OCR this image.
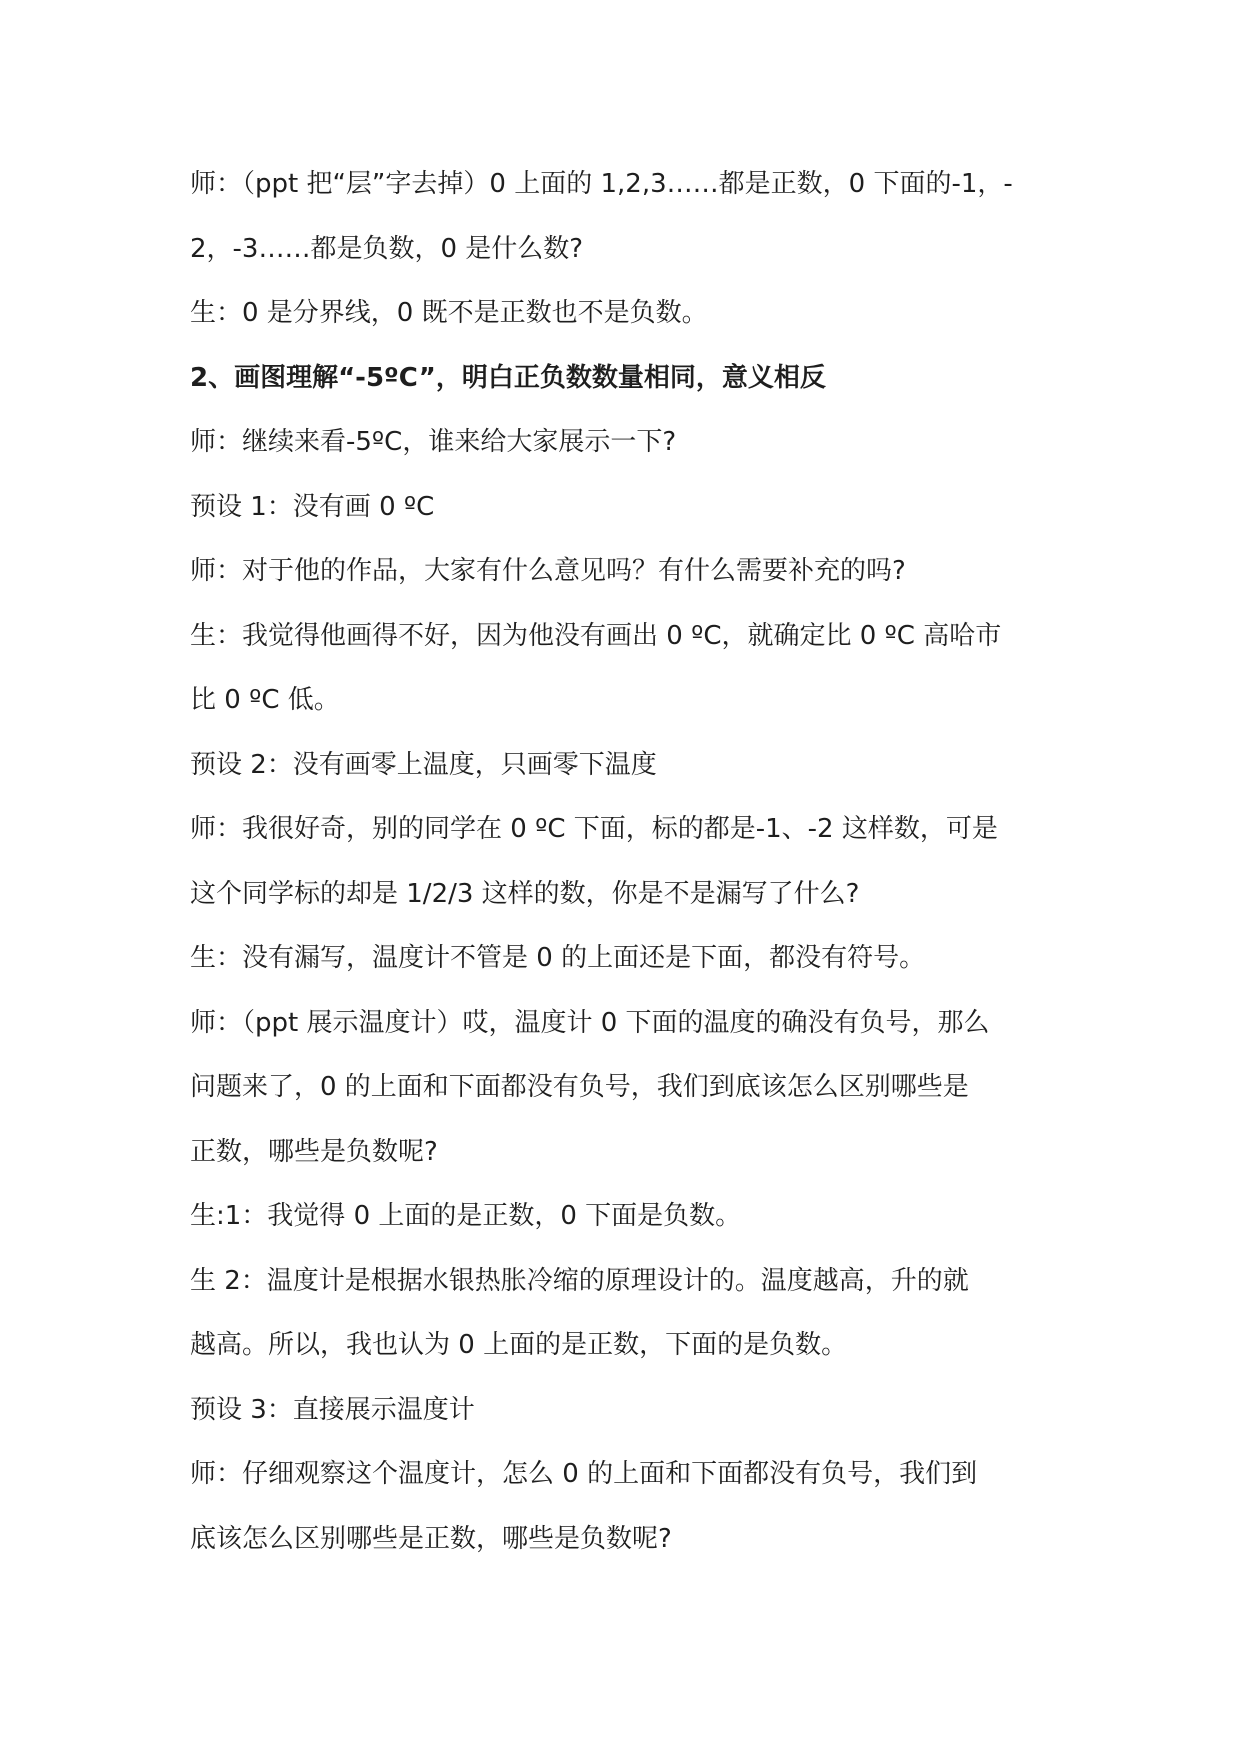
师：（ppt 把“层”字去掉）0 上面的 1,2,3……都是正数，0 下面的-1，-
2，-3……都是负数，0 是什么数?
生：0 是分界线，0 既不是正数也不是负数。
2、画图理解“-5ºC”，明白正负数数量相同，意义相反
师：继续来看-5ºC，谁来给大家展示一下?
预设 1：没有画 0 ºC
师：对于他的作品，大家有什么意见吗？有什么需要补充的吗?
生：我觉得他画得不好，因为他没有画出 0 ºC，就确定比 0 ºC 高哈市
比 0 ºC 低。
预设 2：没有画零上温度，只画零下温度
师：我很好奇，别的同学在 0 ºC 下面，标的都是-1、-2 这样数，可是
这个同学标的却是 1/2/3 这样的数，你是不是漏写了什么?
生：没有漏写，温度计不管是 0 的上面还是下面，都没有符号。
师：（ppt 展示温度计）哎，温度计 0 下面的温度的确没有负号，那么
问题来了，0 的上面和下面都没有负号，我们到底该怎么区别哪些是
正数，哪些是负数呢?
生:1：我觉得 0 上面的是正数，0 下面是负数。
生 2：温度计是根据水银热胀冷缩的原理设计的。温度越高，升的就
越高。所以，我也认为 0 上面的是正数，下面的是负数。
预设 3：直接展示温度计
师：仔细观察这个温度计，怎么 0 的上面和下面都没有负号，我们到
底该怎么区别哪些是正数，哪些是负数呢?
